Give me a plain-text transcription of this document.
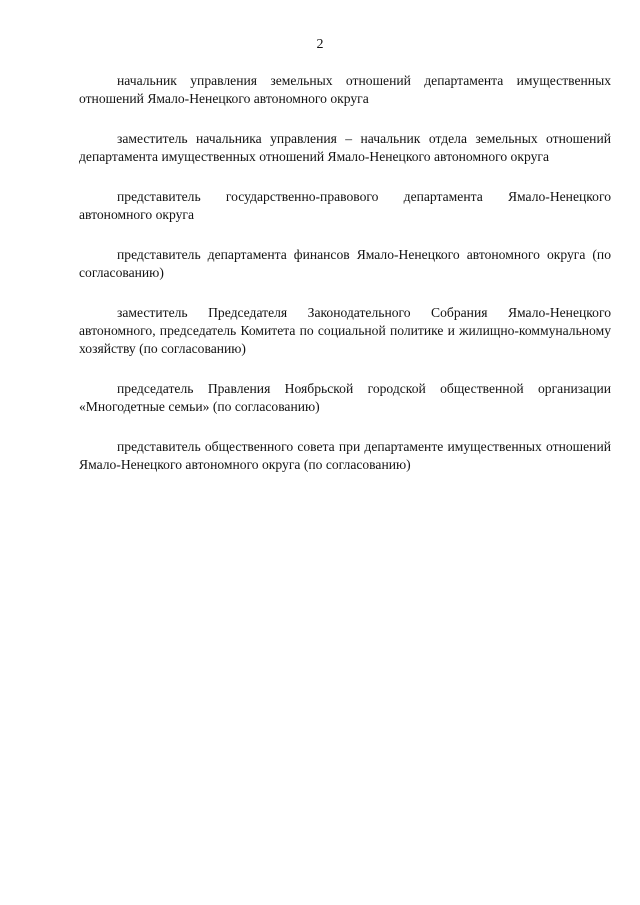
2

начальник управления земельных отношений департамента имущественных отношений Ямало-Ненецкого автономного округа

заместитель начальника управления – начальник отдела земельных отношений департамента имущественных отношений Ямало-Ненецкого автономного округа

представитель государственно-правового департамента Ямало-Ненецкого автономного округа

представитель департамента финансов Ямало-Ненецкого автономного округа (по согласованию)

заместитель Председателя Законодательного Собрания Ямало-Ненецкого автономного, председатель Комитета по социальной политике и жилищно-коммунальному хозяйству (по согласованию)

председатель Правления Ноябрьской городской общественной организации «Многодетные семьи» (по согласованию)

представитель общественного совета при департаменте имущественных отношений Ямало-Ненецкого автономного округа (по согласованию)
